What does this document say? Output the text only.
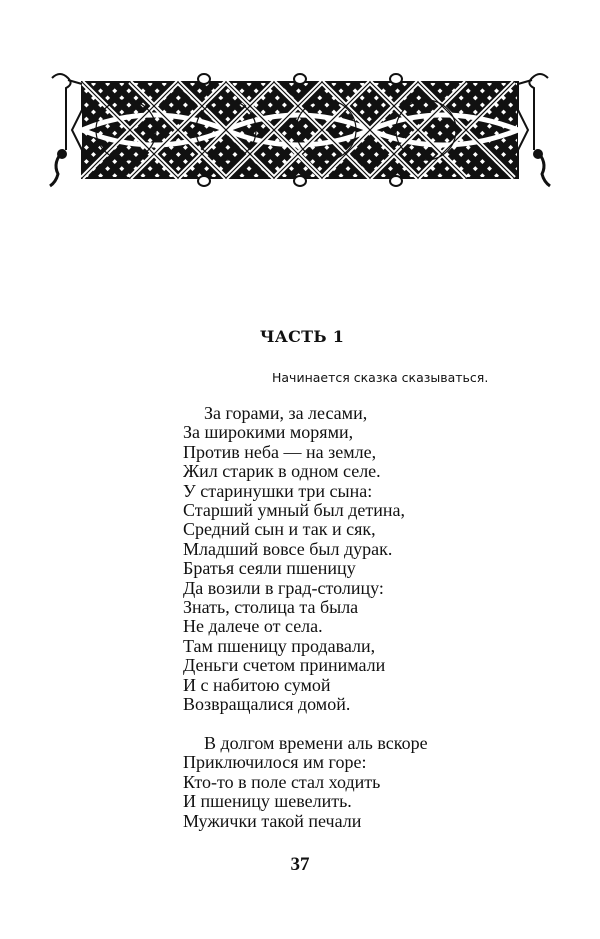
ЧАСТЬ 1
Начинается сказка сказываться.
За горами, за лесами,
За широкими морями,
Против неба — на земле,
Жил старик в одном селе.
У старинушки три сына:
Старший умный был детина,
Средний сын и так и сяк,
Младший вовсе был дурак.
Братья сеяли пшеницу
Да возили в град-столицу:
Знать, столица та была
Не далече от села.
Там пшеницу продавали,
Деньги счетом принимали
И с набитою сумой
Возвращалися домой.
В долгом времени аль вскоре
Приключилося им горе:
Кто-то в поле стал ходить
И пшеницу шевелить.
Мужички такой печали
37
